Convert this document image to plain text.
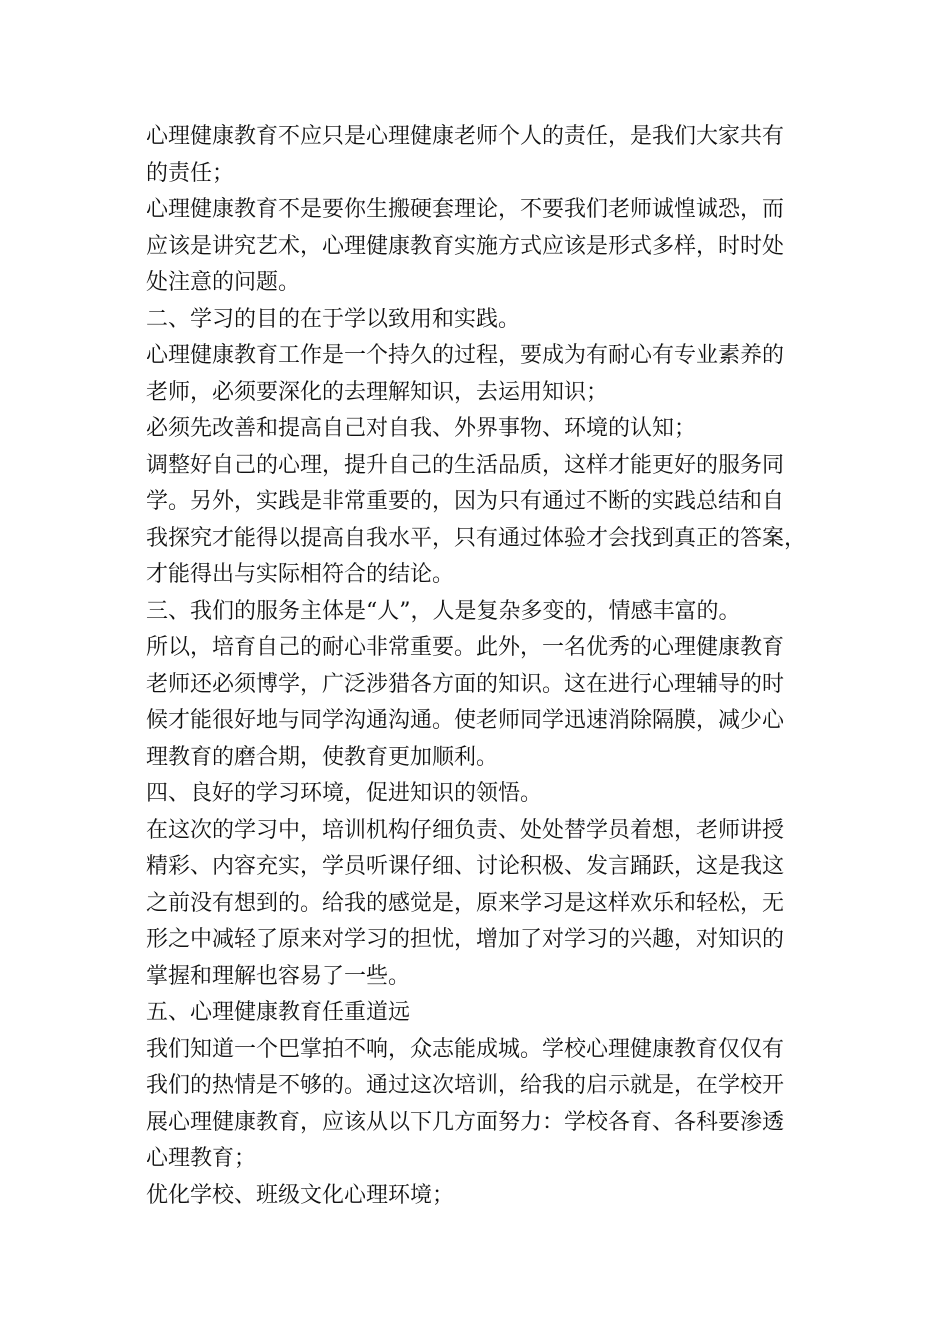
心理健康教育不应只是心理健康老师个人的责任，是我们大家共有
的责任；
心理健康教育不是要你生搬硬套理论，不要我们老师诚惶诚恐，而
应该是讲究艺术，心理健康教育实施方式应该是形式多样，时时处
处注意的问题。
二、学习的目的在于学以致用和实践。
心理健康教育工作是一个持久的过程，要成为有耐心有专业素养的
老师，必须要深化的去理解知识，去运用知识；
必须先改善和提高自己对自我、外界事物、环境的认知；
调整好自己的心理，提升自己的生活品质，这样才能更好的服务同
学。另外，实践是非常重要的，因为只有通过不断的实践总结和自
我探究才能得以提高自我水平，只有通过体验才会找到真正的答案，
才能得出与实际相符合的结论。
三、我们的服务主体是“人”，人是复杂多变的，情感丰富的。
所以，培育自己的耐心非常重要。此外，一名优秀的心理健康教育
老师还必须博学，广泛涉猎各方面的知识。这在进行心理辅导的时
候才能很好地与同学沟通沟通。使老师同学迅速消除隔膜，减少心
理教育的磨合期，使教育更加顺利。
四、良好的学习环境，促进知识的领悟。
在这次的学习中，培训机构仔细负责、处处替学员着想，老师讲授
精彩、内容充实，学员听课仔细、讨论积极、发言踊跃，这是我这
之前没有想到的。给我的感觉是，原来学习是这样欢乐和轻松，无
形之中减轻了原来对学习的担忧，增加了对学习的兴趣，对知识的
掌握和理解也容易了一些。
五、心理健康教育任重道远
我们知道一个巴掌拍不响，众志能成城。学校心理健康教育仅仅有
我们的热情是不够的。通过这次培训，给我的启示就是，在学校开
展心理健康教育，应该从以下几方面努力：学校各育、各科要渗透
心理教育；
优化学校、班级文化心理环境；
